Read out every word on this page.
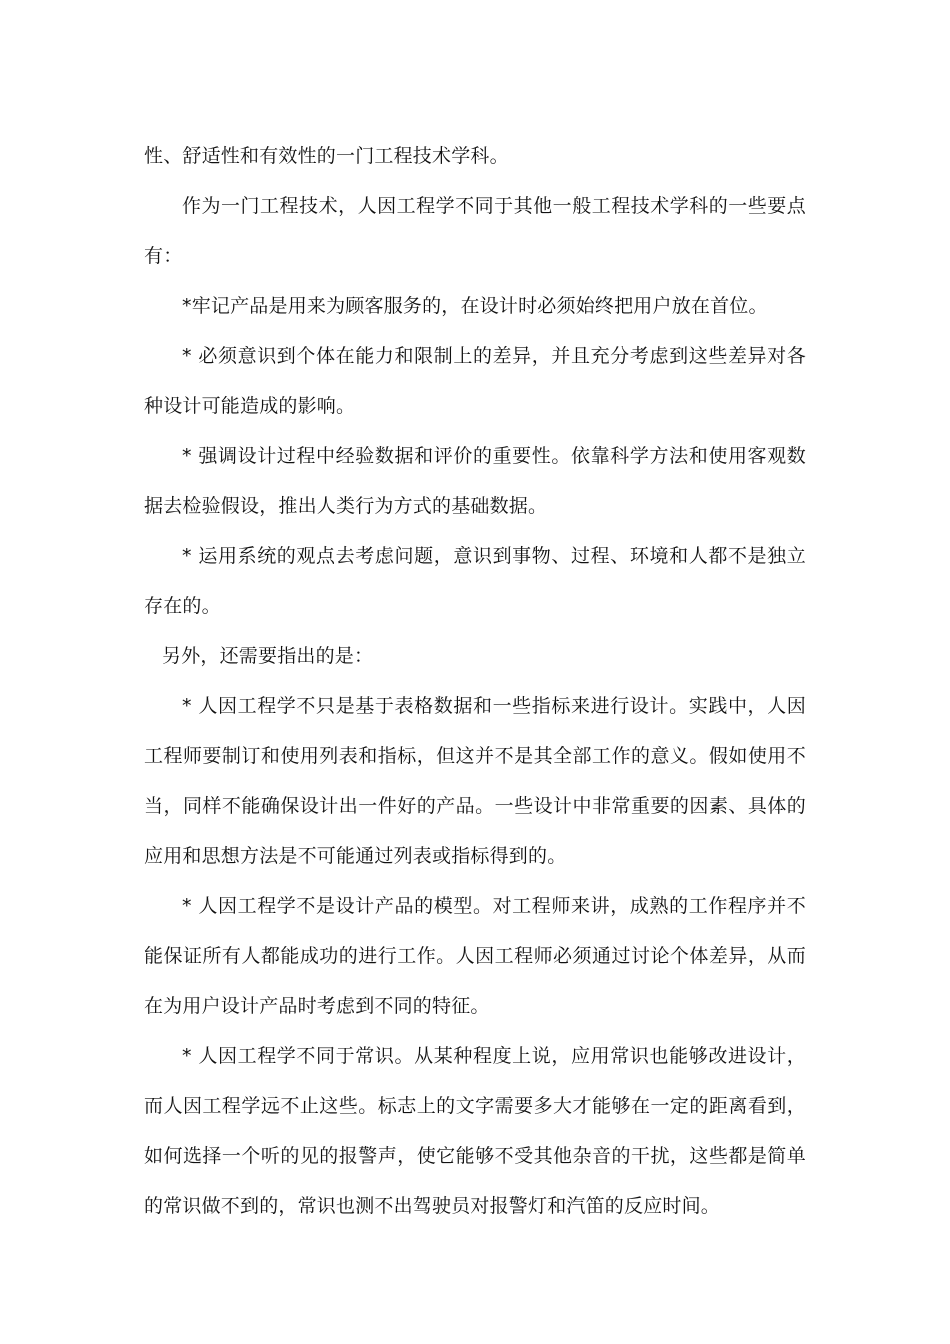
性、舒适性和有效性的一门工程技术学科。

作为一门工程技术，人因工程学不同于其他一般工程技术学科的一些要点有：

*牢记产品是用来为顾客服务的，在设计时必须始终把用户放在首位。

* 必须意识到个体在能力和限制上的差异，并且充分考虑到这些差异对各种设计可能造成的影响。

* 强调设计过程中经验数据和评价的重要性。依靠科学方法和使用客观数据去检验假设，推出人类行为方式的基础数据。

* 运用系统的观点去考虑问题，意识到事物、过程、环境和人都不是独立存在的。

另外，还需要指出的是：

* 人因工程学不只是基于表格数据和一些指标来进行设计。实践中，人因工程师要制订和使用列表和指标，但这并不是其全部工作的意义。假如使用不当，同样不能确保设计出一件好的产品。一些设计中非常重要的因素、具体的应用和思想方法是不可能通过列表或指标得到的。

* 人因工程学不是设计产品的模型。对工程师来讲，成熟的工作程序并不能保证所有人都能成功的进行工作。人因工程师必须通过讨论个体差异，从而在为用户设计产品时考虑到不同的特征。

* 人因工程学不同于常识。从某种程度上说，应用常识也能够改进设计，而人因工程学远不止这些。标志上的文字需要多大才能够在一定的距离看到，如何选择一个听的见的报警声，使它能够不受其他杂音的干扰，这些都是简单的常识做不到的，常识也测不出驾驶员对报警灯和汽笛的反应时间。
